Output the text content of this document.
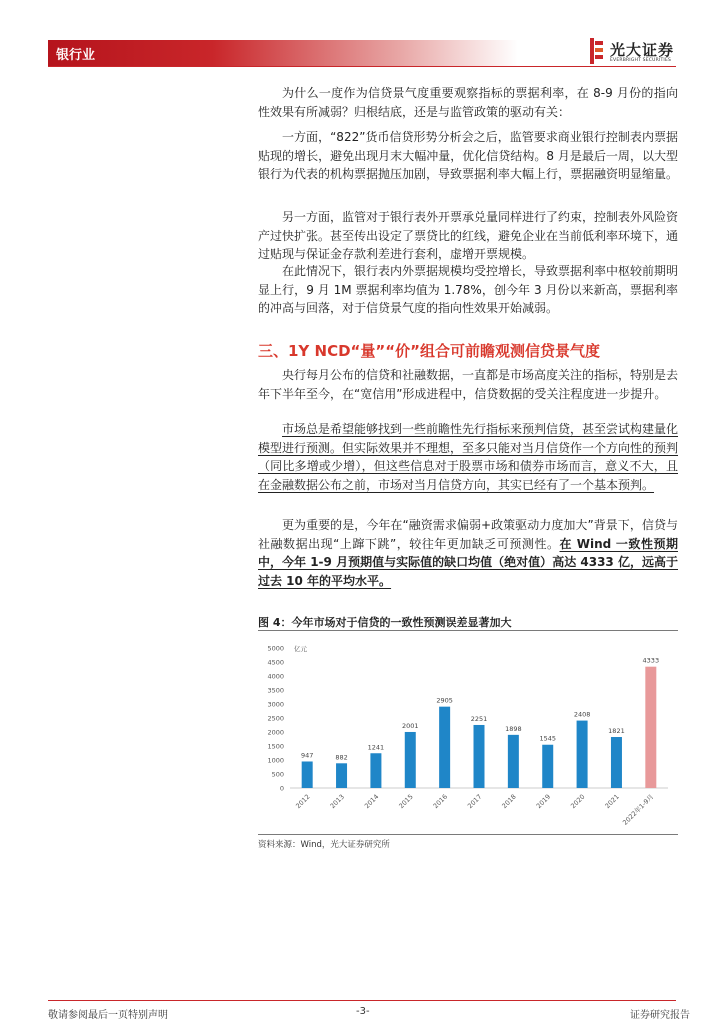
银行业	光大证券
EVERBRIGHT SECURITIES
为什么一度作为信贷景气度重要观察指标的票据利率，在 8-9 月份的指向性效果有所减弱？归根结底，还是与监管政策的驱动有关：
一方面，“822”货币信贷形势分析会之后，监管要求商业银行控制表内票据贴现的增长，避免出现月末大幅冲量，优化信贷结构。8 月是最后一周，以大型银行为代表的机构票据抛压加剧，导致票据利率大幅上行，票据融资明显缩量。
另一方面，监管对于银行表外开票承兑量同样进行了约束，控制表外风险资产过快扩张。甚至传出设定了票贷比的红线，避免企业在当前低利率环境下，通过贴现与保证金存款利差进行套利，虚增开票规模。
在此情况下，银行表内外票据规模均受控增长，导致票据利率中枢较前期明显上行，9 月 1M 票据利率均值为 1.78%，创今年 3 月份以来新高，票据利率的冲高与回落，对于信贷景气度的指向性效果开始减弱。
三、1Y NCD“量”“价”组合可前瞻观测信贷景气度
央行每月公布的信贷和社融数据，一直都是市场高度关注的指标，特别是去年下半年至今，在“宽信用”形成进程中，信贷数据的受关注程度进一步提升。
市场总是希望能够找到一些前瞻性先行指标来预判信贷，甚至尝试构建量化模型进行预测。但实际效果并不理想，至多只能对当月信贷作一个方向性的预判（同比多增或少增），但这些信息对于股票市场和债券市场而言，意义不大，且在金融数据公布之前，市场对当月信贷方向，其实已经有了一个基本预判。
更为重要的是，今年在“融资需求偏弱+政策驱动力度加大”背景下，信贷与社融数据出现“上蹿下跳”，较往年更加缺乏可预测性。在 Wind 一致性预期中，今年 1-9 月预期值与实际值的缺口均值（绝对值）高达 4333 亿，远高于过去 10 年的平均水平。
图 4：今年市场对于信贷的一致性预测误差显著加大
0
500
1000
1500
2000
2500
3000
3500
4000
4500
5000 亿元
947
2012
882
2013
1241
2014
2001
2015
2905
2016
2251
2017
1898
2018
1545
2019
2408
2020
1821
2021
4333
2022年1-9月
资料来源：Wind，光大证券研究所
敬请参阅最后一页特别声明	-3-	证券研究报告
